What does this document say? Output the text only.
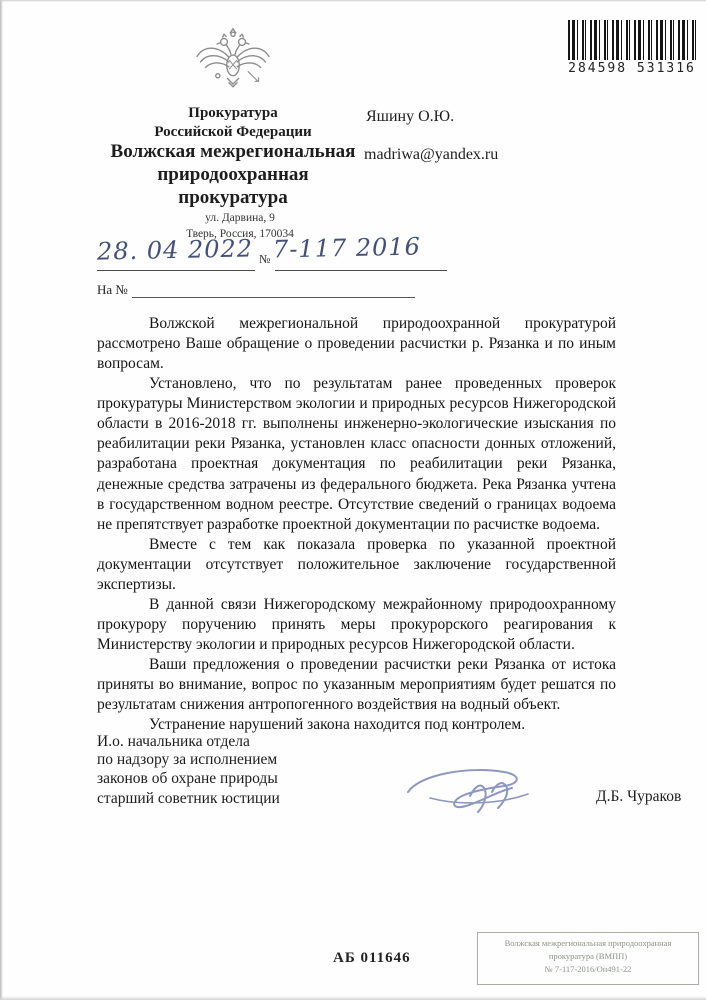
284598 531316
Прокуратура
Российской Федерации
Волжская межрегиональная
природоохранная
прокуратура
ул. Дарвина, 9
Тверь, Россия, 170034
Яшину О.Ю.
madriwa@yandex.ru
28. 04 2022 № 7-117 2016
На №

Волжской межрегиональной природоохранной прокуратурой рассмотрено Ваше обращение о проведении расчистки р. Рязанка и по иным вопросам.

Установлено, что по результатам ранее проведенных проверок прокуратуры Министерством экологии и природных ресурсов Нижегородской области в 2016-2018 гг. выполнены инженерно-экологические изыскания по реабилитации реки Рязанка, установлен класс опасности донных отложений, разработана проектная документация по реабилитации реки Рязанка, денежные средства затрачены из федерального бюджета. Река Рязанка учтена в государственном водном реестре. Отсутствие сведений о границах водоема не препятствует разработке проектной документации по расчистке водоема.

Вместе с тем как показала проверка по указанной проектной документации отсутствует положительное заключение государственной экспертизы.

В данной связи Нижегородскому межрайонному природоохранному прокурору поручению принять меры прокурорского реагирования к Министерству экологии и природных ресурсов Нижегородской области.

Ваши предложения о проведении расчистки реки Рязанка от истока приняты во внимание, вопрос по указанным мероприятиям будет решатся по результатам снижения антропогенного воздействия на водный объект.

Устранение нарушений закона находится под контролем.

И.о. начальника отдела
по надзору за исполнением
законов об охране природы
старший советник юстиции	Д.Б. Чураков
АБ 011646
Волжская межрегиональная природоохранная
прокуратура (ВМПП)
№ 7-117-2016/Он491-22
